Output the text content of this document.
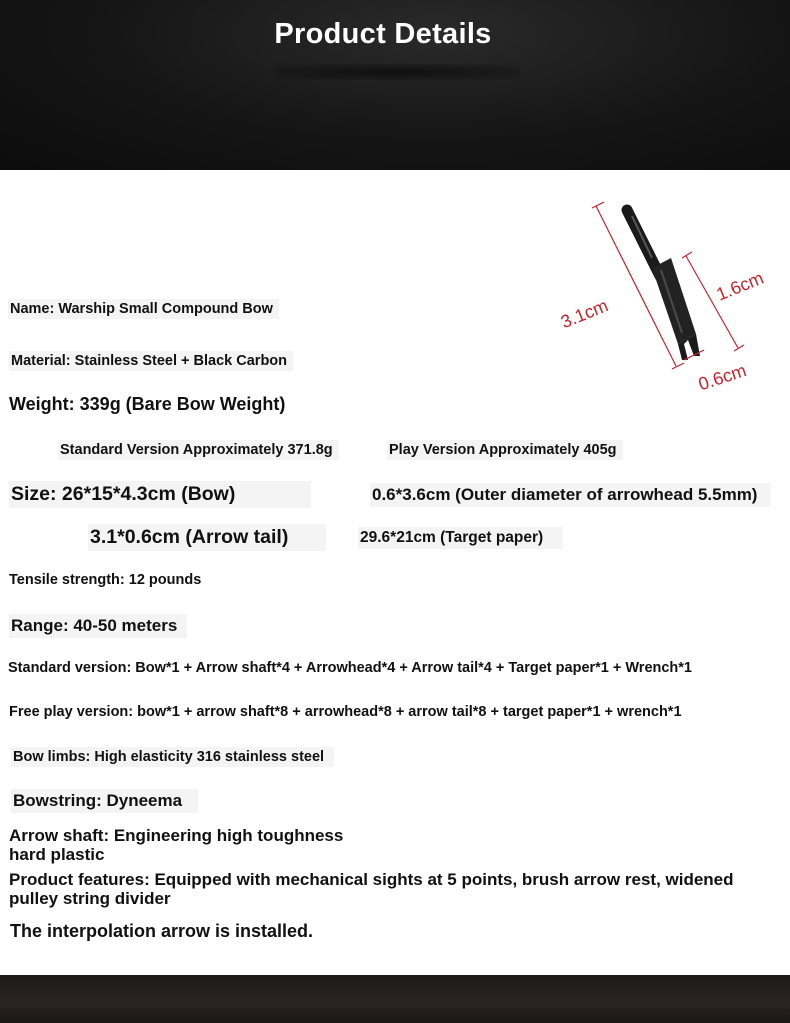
Product Details
3.1cm
1.6cm
0.6cm
Name: Warship Small Compound Bow
Material: Stainless Steel + Black Carbon
Weight: 339g (Bare Bow Weight)
Standard Version Approximately 371.8g	Play Version Approximately 405g
Size: 26*15*4.3cm (Bow)	0.6*3.6cm (Outer diameter of arrowhead 5.5mm)
3.1*0.6cm (Arrow tail)	29.6*21cm (Target paper)
Tensile strength: 12 pounds
Range: 40-50 meters
Standard version: Bow*1 + Arrow shaft*4 + Arrowhead*4 + Arrow tail*4 + Target paper*1 + Wrench*1
Free play version: bow*1 + arrow shaft*8 + arrowhead*8 + arrow tail*8 + target paper*1 + wrench*1
Bow limbs: High elasticity 316 stainless steel
Bowstring: Dyneema
Arrow shaft: Engineering high toughness hard plastic
Product features: Equipped with mechanical sights at 5 points, brush arrow rest, widened pulley string divider
The interpolation arrow is installed.
